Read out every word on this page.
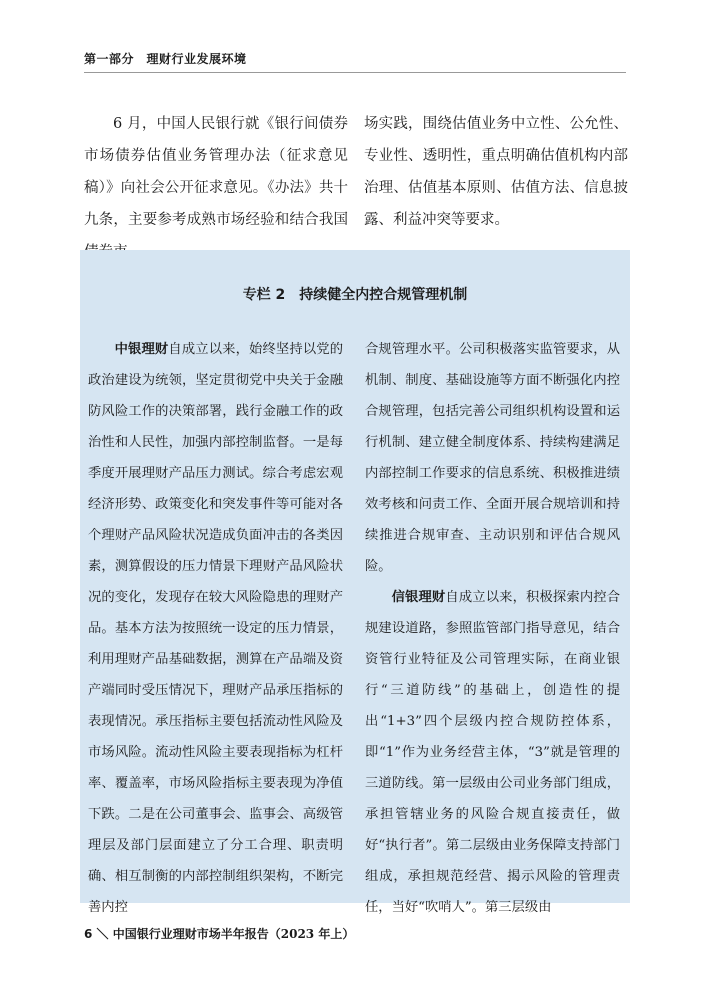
第一部分　理财行业发展环境

6 月，中国人民银行就《银行间债券市场债券估值业务管理办法（征求意见稿）》向社会公开征求意见。《办法》共十九条，主要参考成熟市场经验和结合我国

场实践，围绕估值业务中立性、公允性、专业性、透明性，重点明确估值机构内部治理、估值基本原则、估值方法、信息披露、利益冲突等要求。

专栏 2　持续健全内控合规管理机制

中银理财自成立以来，始终坚持以党的政治建设为统领，坚定贯彻党中央关于金融防风险工作的决策部署，践行金融工作的政治性和人民性，加强内部控制监督。一是每季度开展理财产品压力测试。综合考虑宏观经济形势、政策变化和突发事件等可能对各个理财产品风险状况造成负面冲击的各类因素，测算假设的压力情景下理财产品风险状况的变化，发现存在较大风险隐患的理财产品。基本方法为按照统一设定的压力情景，利用理财产品基础数据，测算在产品端及资产端同时受压情况下，理财产品承压指标的表现情况。承压指标主要包括流动性风险及市场风险。流动性风险主要表现指标为杠杆率、覆盖率，市场风险指标主要表现为净值下跌。二是在公司董事会、监事会、高级管理层及部门层面建立了分工合理、职责明确、相互制衡的内部控制组织架构，不断完善内控

合规管理水平。公司积极落实监管要求，从机制、制度、基础设施等方面不断强化内控合规管理，包括完善公司组织机构设置和运行机制、建立健全制度体系、持续构建满足内部控制工作要求的信息系统、积极推进绩效考核和问责工作、全面开展合规培训和持续推进合规审查、主动识别和评估合规风险。

信银理财自成立以来，积极探索内控合规建设道路，参照监管部门指导意见，结合资管行业特征及公司管理实际，在商业银行“三道防线”的基础上，创造性的提出“1+3”四个层级内控合规防控体系，即“1”作为业务经营主体，“3”就是管理的三道防线。第一层级由公司业务部门组成，承担管辖业务的风险合规直接责任，做好“执行者”。第二层级由业务保障支持部门组成，承担规范经营、揭示风险的管理责任，当好“吹哨人”。第三层级由

6 ＼ 中国银行业理财市场半年报告（2023 年上）
